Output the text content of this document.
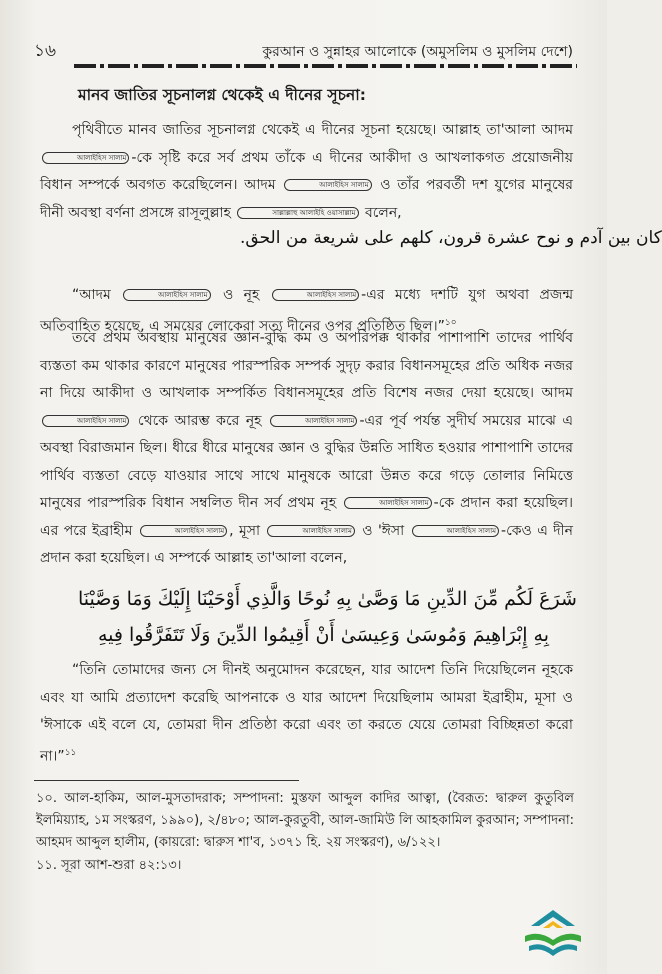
১৬	কুরআন ও সুন্নাহর আলোকে (অমুসলিম ও মুসলিম দেশে)
মানব জাতির সূচনালগ্ন থেকেই এ দীনের সূচনা:

পৃথিবীতে মানব জাতির সূচনালগ্ন থেকেই এ দীনের সূচনা হয়েছে। আল্লাহ তা'আলা আদম আলাইহিস সালাম -কে সৃষ্টি করে সর্ব প্রথম তাঁকে এ দীনের আকীদা ও আখলাকগত প্রয়োজনীয় বিধান সম্পর্কে অবগত করেছিলেন। আদম	আলাইহিস সালাম ও তাঁর পরবর্তী দশ যুগের মানুষের দীনী অবস্থা বর্ণনা প্রসঙ্গে রাসূলুল্লাহ	সাল্লাল্লাহু আলাইহি ওয়াসাল্লাম বলেন,

كان بين آدم و نوح عشرة قرون، كلهم على شريعة من الحق.

“আদম	আলাইহিস সালাম ও নূহ	আলাইহিস সালাম -এর মধ্যে দশটি যুগ অথবা প্রজন্ম অতিবাহিত হয়েছে, এ সময়ের লোকেরা সত্য দীনের ওপর প্রতিষ্ঠিত ছিল।”$^{১০}$

তবে প্রথম অবস্থায় মানুষের জ্ঞান-বুদ্ধি কম ও অপরিপক্ক থাকার পাশাপাশি তাদের পার্থিব ব্যস্ততা কম থাকার কারণে মানুষের পারস্পরিক সম্পর্ক সুদৃঢ় করার বিধানসমূহের প্রতি অধিক নজর না দিয়ে আকীদা ও আখলাক সম্পর্কিত বিধানসমূহের প্রতি বিশেষ নজর দেয়া হয়েছে। আদম আলাইহিস সালাম থেকে আরম্ভ করে নূহ	আলাইহিস সালাম -এর পূর্ব পর্যন্ত সুদীর্ঘ সময়ের মাঝে এ অবস্থা বিরাজমান ছিল। ধীরে ধীরে মানুষের জ্ঞান ও বুদ্ধির উন্নতি সাধিত হওয়ার পাশাপাশি তাদের পার্থিব ব্যস্ততা বেড়ে যাওয়ার সাথে সাথে মানুষকে আরো উন্নত করে গড়ে তোলার নিমিত্তে মানুষের পারস্পরিক বিধান সম্বলিত দীন সর্ব প্রথম নূহ	আলাইহিস সালাম -কে প্রদান করা হয়েছিল। এর পরে ইব্রাহীম	আলাইহিস সালাম , মূসা	আলাইহিস সালাম ও 'ঈসা	আলাইহিস সালাম -কেও এ দীন প্রদান করা হয়েছিল। এ সম্পর্কে আল্লাহ তা'আলা বলেন,

شَرَعَ لَكُم مِّنَ الدِّينِ مَا وَصَّىٰ بِهِ نُوحًا وَالَّذِي أَوْحَيْنَا إِلَيْكَ وَمَا وَصَّيْنَا
بِهِ إِبْرَاهِيمَ وَمُوسَىٰ وَعِيسَىٰ أَنْ أَقِيمُوا الدِّينَ وَلَا تَتَفَرَّقُوا فِيهِ

“তিনি তোমাদের জন্য সে দীনই অনুমোদন করেছেন, যার আদেশ তিনি দিয়েছিলেন নূহকে এবং যা আমি প্রত্যাদেশ করেছি আপনাকে ও যার আদেশ দিয়েছিলাম আমরা ইব্রাহীম, মূসা ও 'ঈসাকে এই বলে যে, তোমরা দীন প্রতিষ্ঠা করো এবং তা করতে যেয়ে তোমরা বিচ্ছিন্নতা করো না।”$^{১১}$

১০. আল-হাকিম, আল-মুসতাদরাক; সম্পাদনা: মুস্তফা আব্দুল কাদির আত্বা, (বৈরূত: দ্বারুল কুতুবিল ইলমিয়্যাহ, ১ম সংস্করণ, ১৯৯০), ২/৪৮০; আল-কুরতুবী, আল-জামিউ লি আহকামিল কুরআন; সম্পাদনা: আহমদ আব্দুল হালীম, (কায়রো: দ্বারুস শা'ব, ১৩৭১ হি. ২য় সংস্করণ), ৬/১২২।

১১. সূরা আশ-শুরা ৪২:১৩।
